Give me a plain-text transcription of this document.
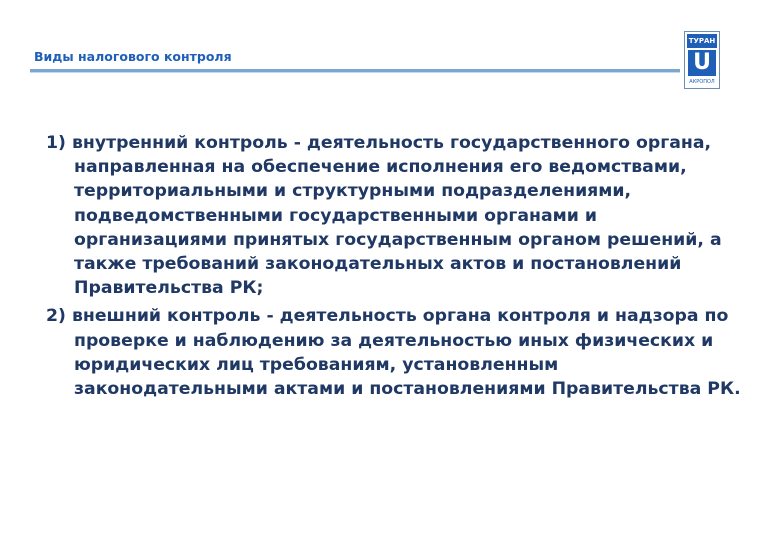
Виды налогового контроля
ТУРАН
U
АКРОПОЛ
1) внутренний контроль - деятельность государственного органа, направленная на обеспечение исполнения его ведомствами, территориальными и структурными подразделениями, подведомственными государственными органами и организациями принятых государственным органом решений, а также требований законодательных актов и постановлений Правительства РК;
2) внешний контроль - деятельность органа контроля и надзора по проверке и наблюдению за деятельностью иных физических и юридических лиц требованиям, установленным законодательными актами и постановлениями Правительства РК.
